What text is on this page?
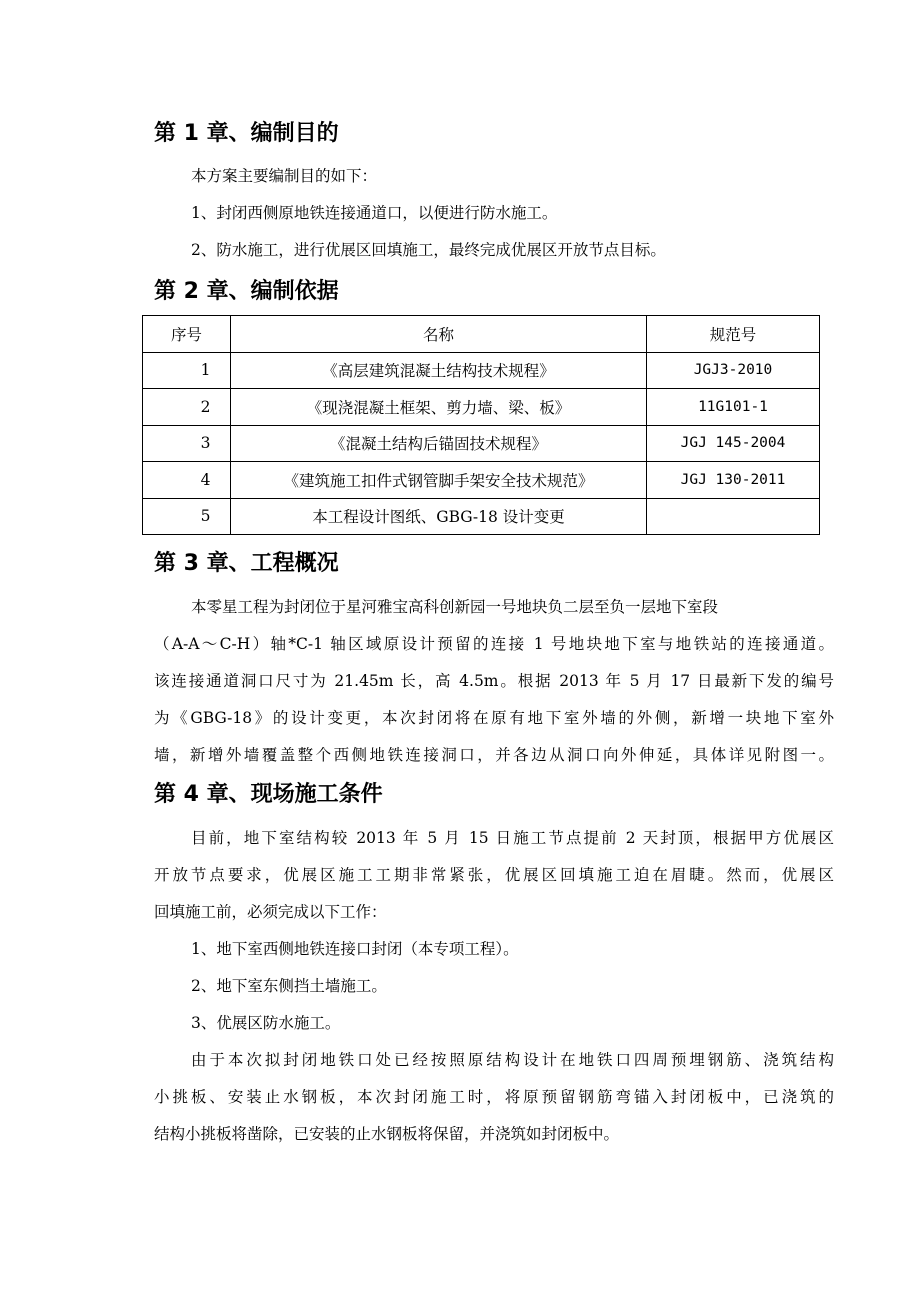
第 1 章、编制目的

本方案主要编制目的如下：

1、封闭西侧原地铁连接通道口，以便进行防水施工。

2、防水施工，进行优展区回填施工，最终完成优展区开放节点目标。

第 2 章、编制依据
序号	名称	规范号
1	《高层建筑混凝土结构技术规程》	JGJ3-2010
2	《现浇混凝土框架、剪力墙、梁、板》	11G101-1
3	《混凝土结构后锚固技术规程》	JGJ 145-2004
4	《建筑施工扣件式钢管脚手架安全技术规范》	JGJ 130-2011
5	本工程设计图纸、GBG-18 设计变更	
第 3 章、工程概况

本零星工程为封闭位于星河雅宝高科创新园一号地块负二层至负一层地下室段

（A-A～C-H）轴*C-1 轴区域原设计预留的连接 1 号地块地下室与地铁站的连接通道。

该连接通道洞口尺寸为 21.45m 长，高 4.5m。根据 2013 年 5 月 17 日最新下发的编号

为《GBG-18》的设计变更，本次封闭将在原有地下室外墙的外侧，新增一块地下室外

墙，新增外墙覆盖整个西侧地铁连接洞口，并各边从洞口向外伸延，具体详见附图一。

第 4 章、现场施工条件

目前，地下室结构较 2013 年 5 月 15 日施工节点提前 2 天封顶，根据甲方优展区

开放节点要求，优展区施工工期非常紧张，优展区回填施工迫在眉睫。然而，优展区

回填施工前，必须完成以下工作：

1、地下室西侧地铁连接口封闭（本专项工程）。

2、地下室东侧挡土墙施工。

3、优展区防水施工。

由于本次拟封闭地铁口处已经按照原结构设计在地铁口四周预埋钢筋、浇筑结构

小挑板、安装止水钢板，本次封闭施工时，将原预留钢筋弯锚入封闭板中，已浇筑的

结构小挑板将凿除，已安装的止水钢板将保留，并浇筑如封闭板中。
